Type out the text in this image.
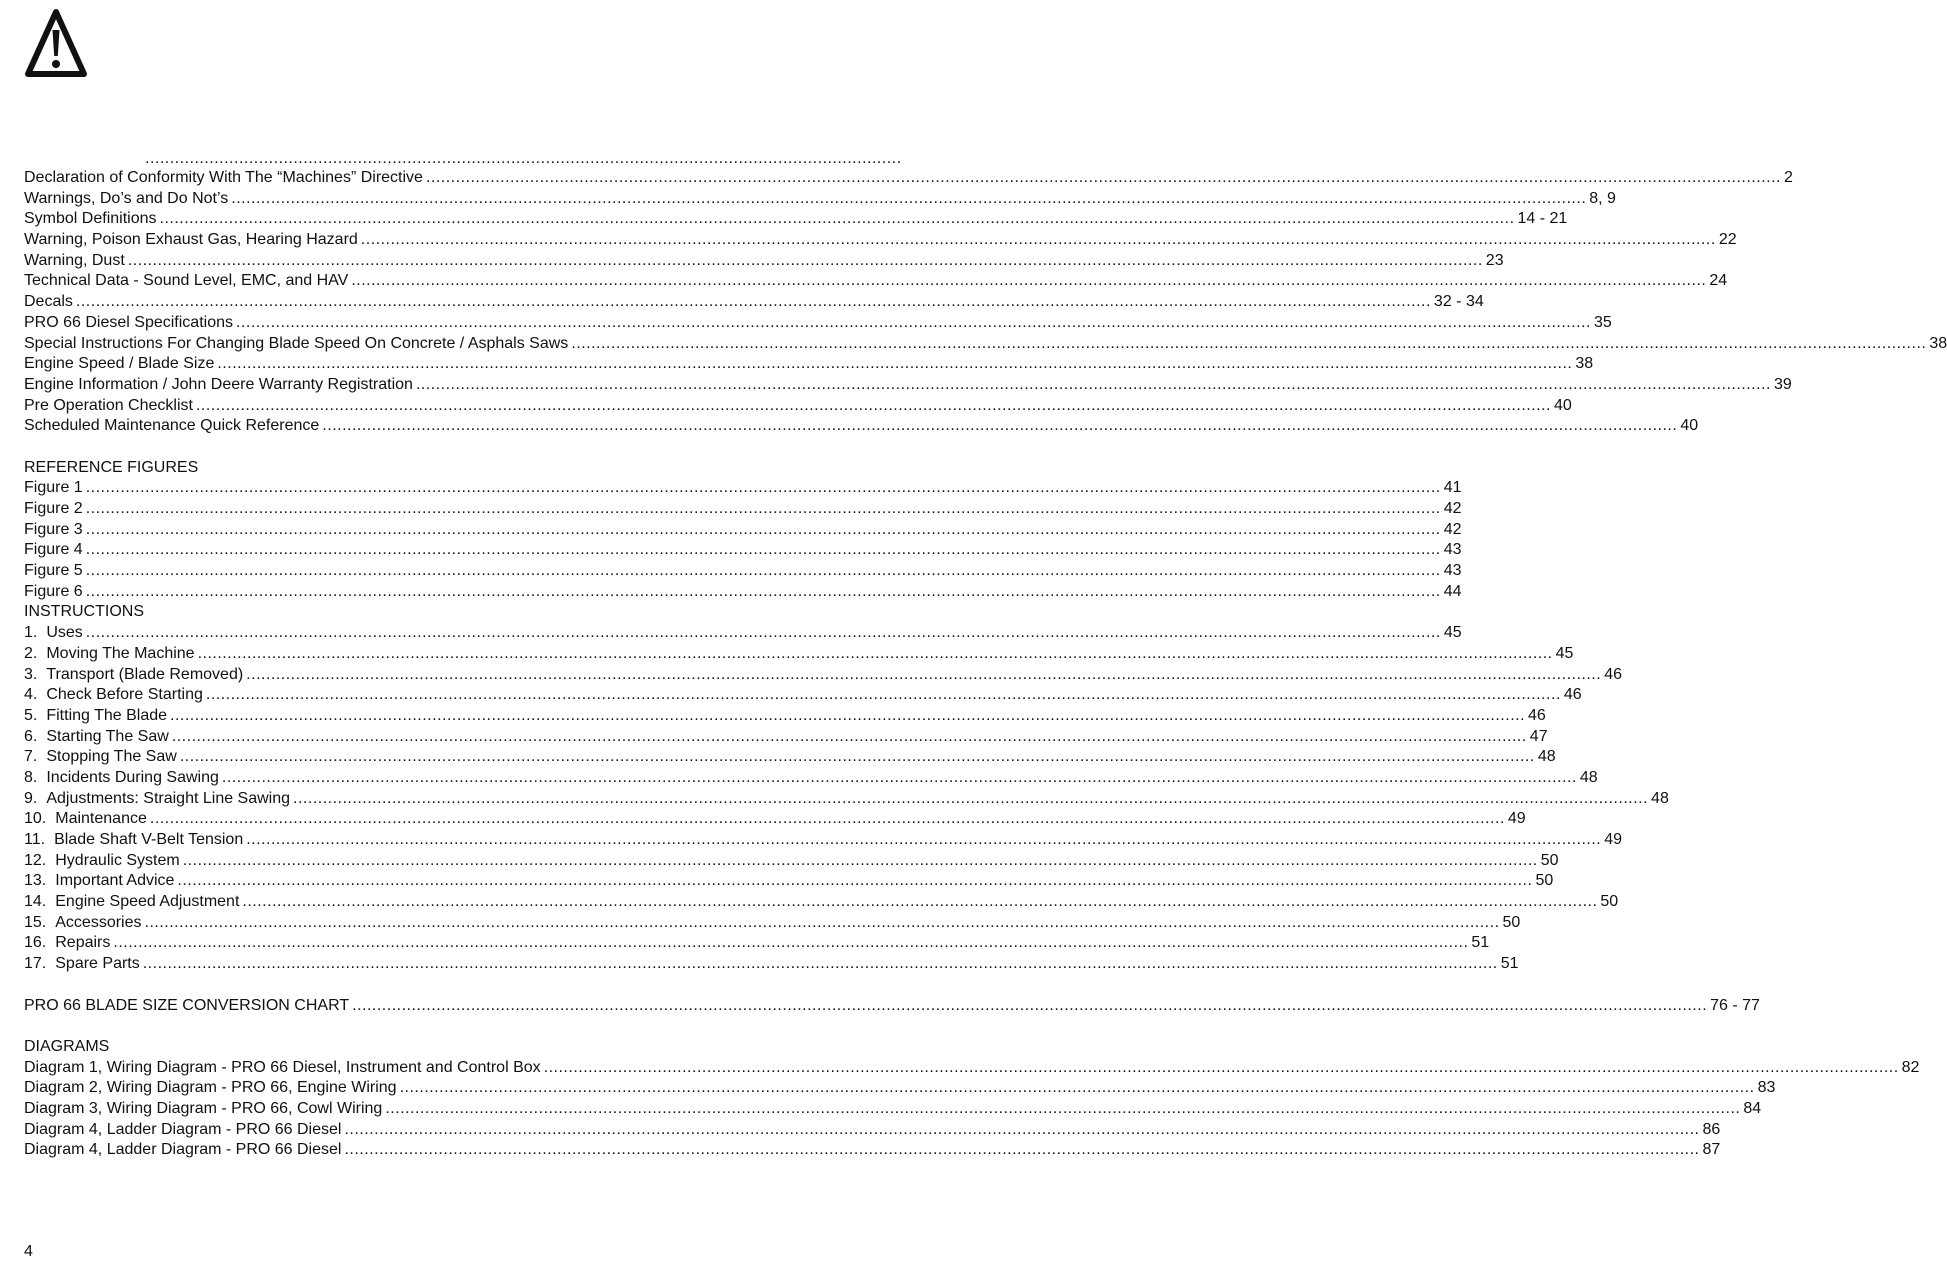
.........................................................................................................................................................
Declaration of Conformity With The “Machines” Directive .....	2
Warnings, Do’s and Do Not’s .....	8, 9
Symbol Definitions .....	14 - 21
Warning, Poison Exhaust Gas, Hearing Hazard .....	22
Warning, Dust .....	23
Technical Data - Sound Level, EMC, and HAV .....	24
Decals .....	32 - 34
PRO 66 Diesel Specifications .....	35
Special Instructions For Changing Blade Speed On Concrete / Asphals Saws .....	38
Engine Speed / Blade Size .....	38
Engine Information / John Deere Warranty Registration .....	39
Pre Operation Checklist .....	40
Scheduled Maintenance Quick Reference .....	40
REFERENCE FIGURES
Figure 1 .....	41
Figure 2 .....	42
Figure 3 .....	42
Figure 4 .....	43
Figure 5 .....	43
Figure 6 .....	44
INSTRUCTIONS
1. Uses .....	45
2. Moving The Machine .....	45
3. Transport (Blade Removed) .....	46
4. Check Before Starting .....	46
5. Fitting The Blade .....	46
6. Starting The Saw .....	47
7. Stopping The Saw .....	48
8. Incidents During Sawing .....	48
9. Adjustments: Straight Line Sawing .....	48
10. Maintenance .....	49
11. Blade Shaft V-Belt Tension .....	49
12. Hydraulic System .....	50
13. Important Advice .....	50
14. Engine Speed Adjustment .....	50
15. Accessories .....	50
16. Repairs .....	51
17. Spare Parts .....	51
PRO 66 BLADE SIZE CONVERSION CHART .....	76 - 77
DIAGRAMS
Diagram 1, Wiring Diagram - PRO 66 Diesel, Instrument and Control Box .....	82
Diagram 2, Wiring Diagram - PRO 66, Engine Wiring .....	83
Diagram 3, Wiring Diagram - PRO 66, Cowl Wiring .....	84
Diagram 4, Ladder Diagram - PRO 66 Diesel .....	86
Diagram 4, Ladder Diagram - PRO 66 Diesel .....	87
4
